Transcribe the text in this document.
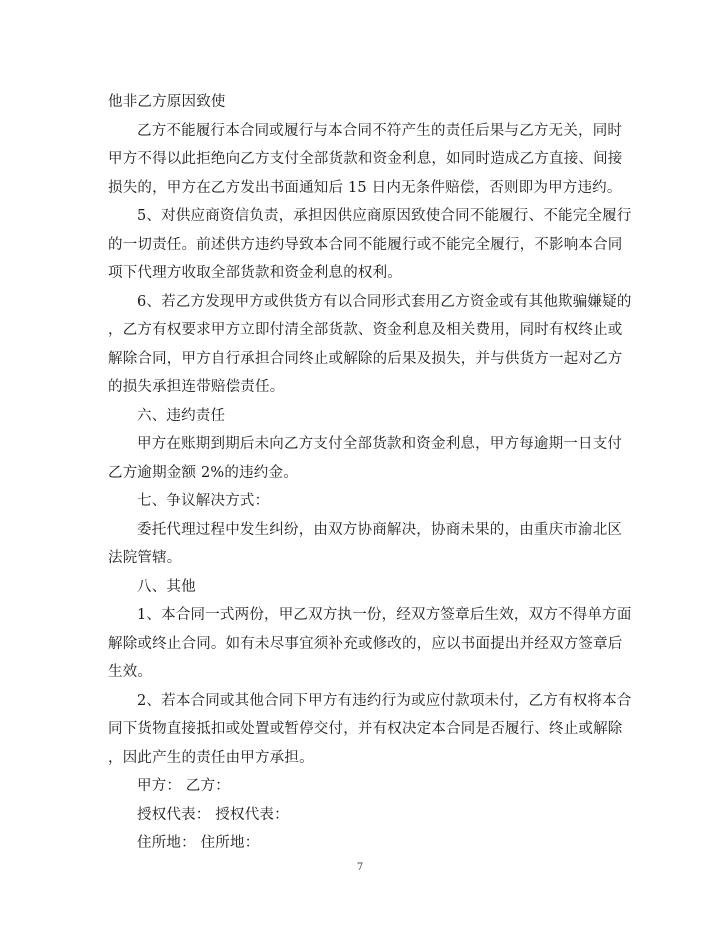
他非乙方原因致使
乙方不能履行本合同或履行与本合同不符产生的责任后果与乙方无关，同时
甲方不得以此拒绝向乙方支付全部货款和资金利息，如同时造成乙方直接、间接
损失的，甲方在乙方发出书面通知后 15 日内无条件赔偿，否则即为甲方违约。
5、对供应商资信负责，承担因供应商原因致使合同不能履行、不能完全履行
的一切责任。前述供方违约导致本合同不能履行或不能完全履行，不影响本合同
项下代理方收取全部货款和资金利息的权利。
6、若乙方发现甲方或供货方有以合同形式套用乙方资金或有其他欺骗嫌疑的
，乙方有权要求甲方立即付清全部货款、资金利息及相关费用，同时有权终止或
解除合同，甲方自行承担合同终止或解除的后果及损失，并与供货方一起对乙方
的损失承担连带赔偿责任。
六、违约责任
甲方在账期到期后未向乙方支付全部货款和资金利息，甲方每逾期一日支付
乙方逾期金额 2%的违约金。
七、争议解决方式：
委托代理过程中发生纠纷，由双方协商解决，协商未果的，由重庆市渝北区
法院管辖。
八、其他
1、本合同一式两份，甲乙双方执一份，经双方签章后生效，双方不得单方面
解除或终止合同。如有未尽事宜须补充或修改的，应以书面提出并经双方签章后
生效。
2、若本合同或其他合同下甲方有违约行为或应付款项未付，乙方有权将本合
同下货物直接抵扣或处置或暂停交付，并有权决定本合同是否履行、终止或解除
，因此产生的责任由甲方承担。
甲方： 乙方：
授权代表： 授权代表：
住所地： 住所地：
7
